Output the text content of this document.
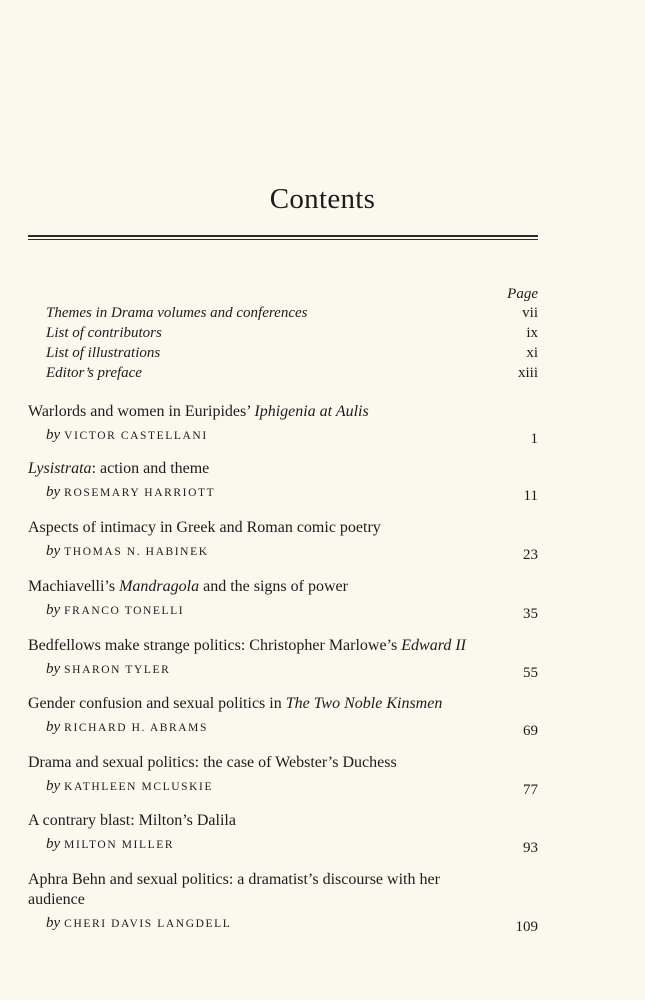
Contents
Page
Themes in Drama volumes and conferences	vii
List of contributors	ix
List of illustrations	xi
Editor’s preface	xiii
Warlords and women in Euripides’ Iphigenia at Aulis
by VICTOR CASTELLANI	1
Lysistrata: action and theme
by ROSEMARY HARRIOTT	11
Aspects of intimacy in Greek and Roman comic poetry
by THOMAS N. HABINEK	23
Machiavelli’s Mandragola and the signs of power
by FRANCO TONELLI	35
Bedfellows make strange politics: Christopher Marlowe’s Edward II
by SHARON TYLER	55
Gender confusion and sexual politics in The Two Noble Kinsmen
by RICHARD H. ABRAMS	69
Drama and sexual politics: the case of Webster’s Duchess
by KATHLEEN MCLUSKIE	77
A contrary blast: Milton’s Dalila
by MILTON MILLER	93
Aphra Behn and sexual politics: a dramatist’s discourse with her audience
by CHERI DAVIS LANGDELL	109
